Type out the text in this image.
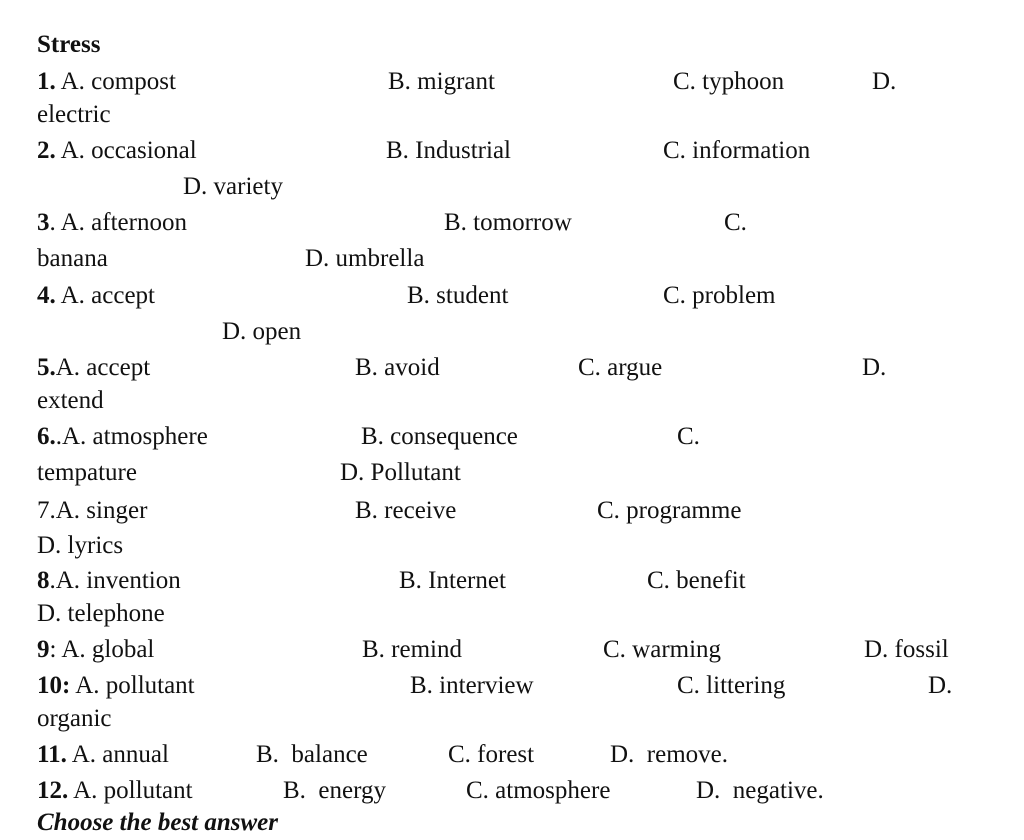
Stress
1. A. compost	B. migrant	C. typhoon	D.
electric
2. A. occasional	B. Industrial	C. information
D. variety
3. A. afternoon	B. tomorrow	C.
banana	D. umbrella
4. A. accept	B. student	C. problem
D. open
5.A. accept	B. avoid	C. argue	D.
extend
6..A. atmosphere	B. consequence	C.
tempature	D. Pollutant
7.A. singer	B. receive	C. programme
D. lyrics
8.A. invention	B. Internet	C. benefit
D. telephone
9: A. global	B. remind	C. warming	D. fossil
10: A. pollutant	B. interview	C. littering	D.
organic
11. A. annual	B.  balance	C. forest	D.  remove.
12. A. pollutant	B.  energy	C. atmosphere	D.  negative.
Choose the best answer
